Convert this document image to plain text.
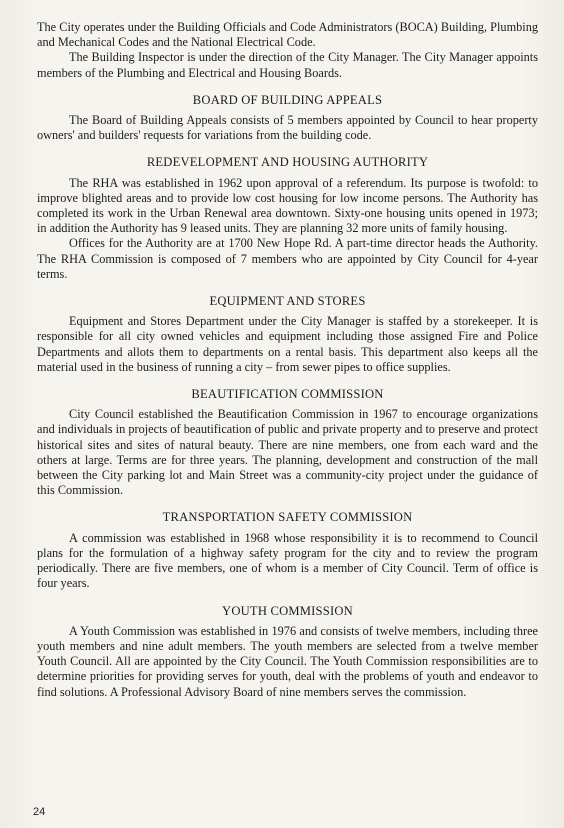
The City operates under the Building Officials and Code Administrators (BOCA) Building, Plumbing and Mechanical Codes and the National Electrical Code.

The Building Inspector is under the direction of the City Manager. The City Manager appoints members of the Plumbing and Electrical and Housing Boards.

BOARD OF BUILDING APPEALS

The Board of Building Appeals consists of 5 members appointed by Council to hear property owners' and builders' requests for variations from the building code.

REDEVELOPMENT AND HOUSING AUTHORITY

The RHA was established in 1962 upon approval of a referendum. Its purpose is twofold: to improve blighted areas and to provide low cost housing for low income persons. The Authority has completed its work in the Urban Renewal area downtown. Sixty-one housing units opened in 1973; in addition the Authority has 9 leased units. They are planning 32 more units of family housing.

Offices for the Authority are at 1700 New Hope Rd. A part-time director heads the Authority. The RHA Commission is composed of 7 members who are appointed by City Council for 4-year terms.

EQUIPMENT AND STORES

Equipment and Stores Department under the City Manager is staffed by a storekeeper. It is responsible for all city owned vehicles and equipment including those assigned Fire and Police Departments and allots them to departments on a rental basis. This department also keeps all the material used in the business of running a city – from sewer pipes to office supplies.

BEAUTIFICATION COMMISSION

City Council established the Beautification Commission in 1967 to encourage organizations and individuals in projects of beautification of public and private property and to preserve and protect historical sites and sites of natural beauty. There are nine members, one from each ward and the others at large. Terms are for three years. The planning, development and construction of the mall between the City parking lot and Main Street was a community-city project under the guidance of this Commission.

TRANSPORTATION SAFETY COMMISSION

A commission was established in 1968 whose responsibility it is to recommend to Council plans for the formulation of a highway safety program for the city and to review the program periodically. There are five members, one of whom is a member of City Council. Term of office is four years.

YOUTH COMMISSION

A Youth Commission was established in 1976 and consists of twelve members, including three youth members and nine adult members. The youth members are selected from a twelve member Youth Council. All are appointed by the City Council. The Youth Commission responsibilities are to determine priorities for providing serves for youth, deal with the problems of youth and endeavor to find solutions. A Professional Advisory Board of nine members serves the commission.

24
